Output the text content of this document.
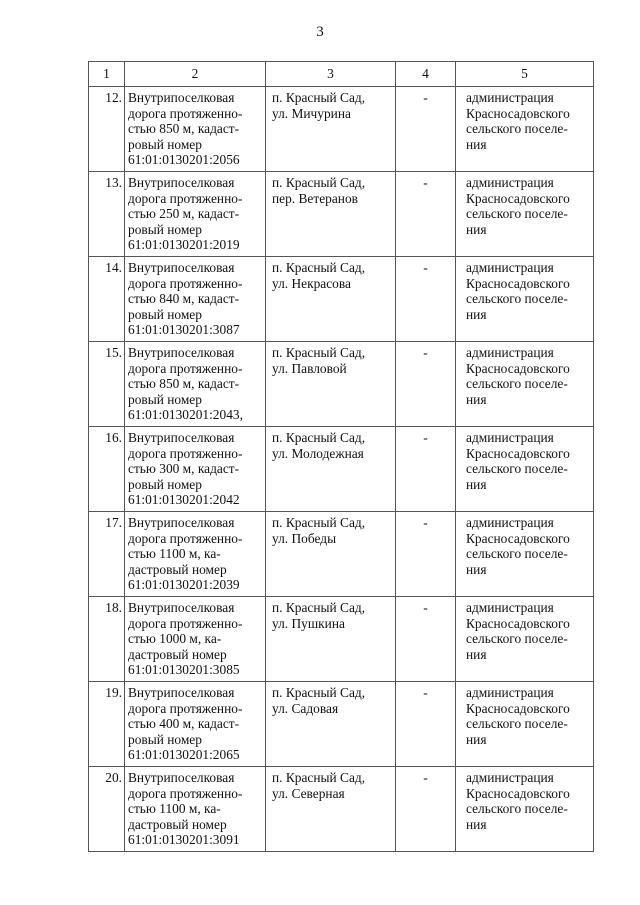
3
1	2	3	4	5
12.	Внутрипоселковая
дорога протяженно-
стью 850 м, кадаст-
ровый номер
61:01:0130201:2056	п. Красный Сад,
ул. Мичурина	-	администрация
Красносадовского
сельского поселе-
ния

13.	Внутрипоселковая
дорога протяженно-
стью 250 м, кадаст-
ровый номер
61:01:0130201:2019	п. Красный Сад,
пер. Ветеранов	-	администрация
Красносадовского
сельского поселе-
ния

14.	Внутрипоселковая
дорога протяженно-
стью 840 м, кадаст-
ровый номер
61:01:0130201:3087	п. Красный Сад,
ул. Некрасова	-	администрация
Красносадовского
сельского поселе-
ния

15.	Внутрипоселковая
дорога протяженно-
стью 850 м, кадаст-
ровый номер
61:01:0130201:2043,	п. Красный Сад,
ул. Павловой	-	администрация
Красносадовского
сельского поселе-
ния

16.	Внутрипоселковая
дорога протяженно-
стью 300 м, кадаст-
ровый номер
61:01:0130201:2042	п. Красный Сад,
ул. Молодежная	-	администрация
Красносадовского
сельского поселе-
ния

17.	Внутрипоселковая
дорога протяженно-
стью 1100 м, ка-
дастровый номер
61:01:0130201:2039	п. Красный Сад,
ул. Победы	-	администрация
Красносадовского
сельского поселе-
ния

18.	Внутрипоселковая
дорога протяженно-
стью 1000 м, ка-
дастровый номер
61:01:0130201:3085	п. Красный Сад,
ул. Пушкина	-	администрация
Красносадовского
сельского поселе-
ния

19.	Внутрипоселковая
дорога протяженно-
стью 400 м, кадаст-
ровый номер
61:01:0130201:2065	п. Красный Сад,
ул. Садовая	-	администрация
Красносадовского
сельского поселе-
ния

20.	Внутрипоселковая
дорога протяженно-
стью 1100 м, ка-
дастровый номер
61:01:0130201:3091	п. Красный Сад,
ул. Северная	-	администрация
Красносадовского
сельского поселе-
ния
